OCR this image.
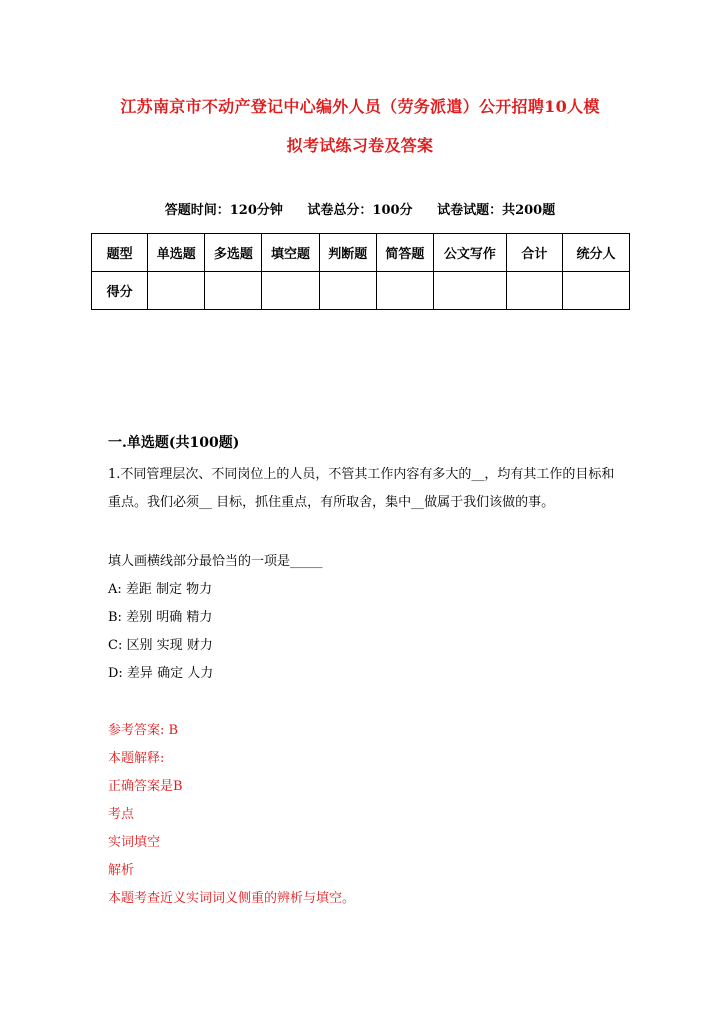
江苏南京市不动产登记中心编外人员（劳务派遣）公开招聘10人模
拟考试练习卷及答案
答题时间：120分钟 试卷总分：100分 试卷试题：共200题
题型	单选题	多选题	填空题	判断题	简答题	公文写作	合计	统分人
得分								
一.单选题(共100题)
1.不同管理层次、不同岗位上的人员，不管其工作内容有多大的__，均有其工作的目标和重点。我们必须__ 目标，抓住重点，有所取舍，集中__做属于我们该做的事。
填人画横线部分最恰当的一项是_____
A: 差距 制定 物力
B: 差别 明确 精力
C: 区别 实现 财力
D: 差异 确定 人力
参考答案: B
本题解释:
正确答案是B
考点
实词填空
解析
本题考查近义实词词义侧重的辨析与填空。
